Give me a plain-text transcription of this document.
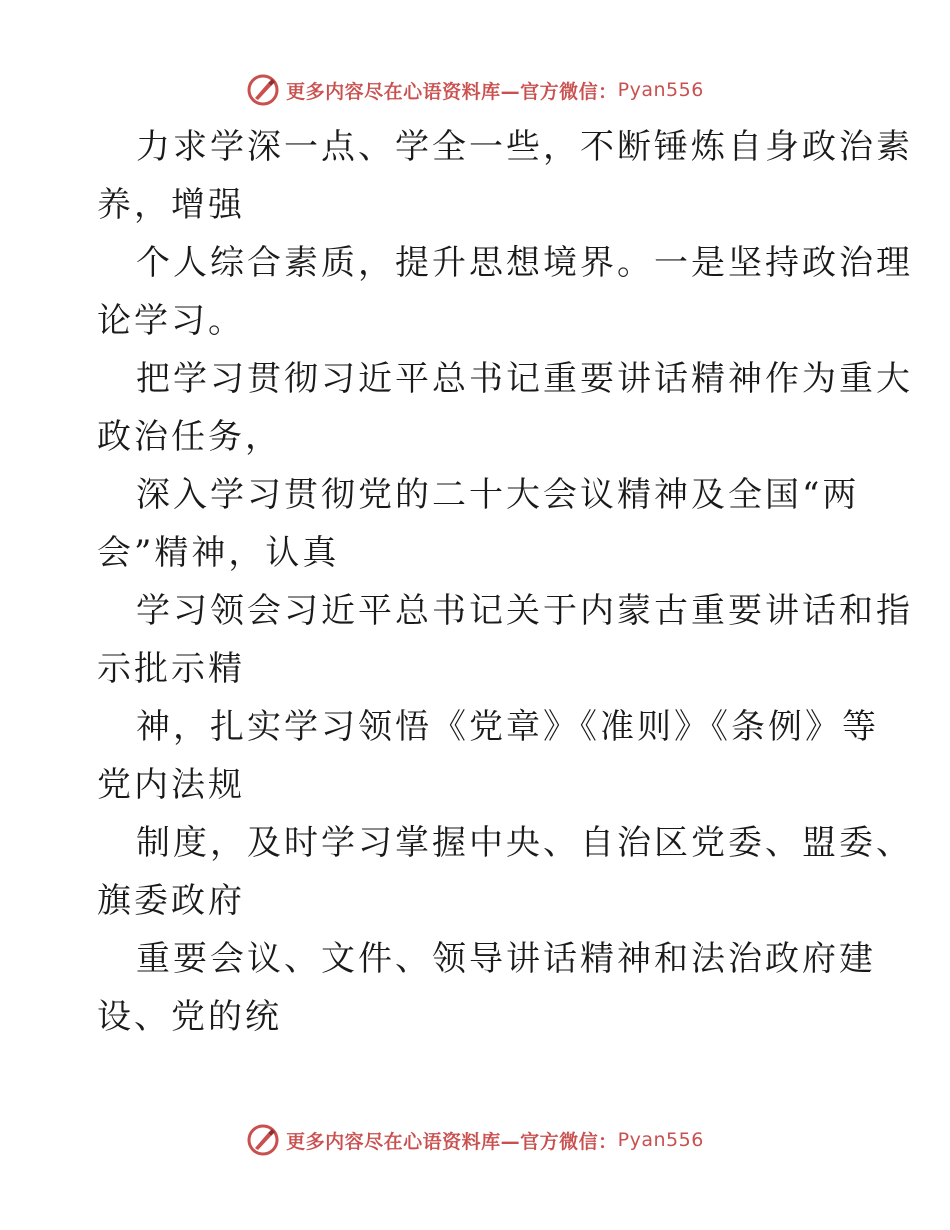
更多内容尽在心语资料库—官方微信： Pyan556
力求学深一点、学全一些，不断锤炼自身政治素
养，增强
个人综合素质，提升思想境界。一是坚持政治理
论学习。
把学习贯彻习近平总书记重要讲话精神作为重大
政治任务，
深入学习贯彻党的二十大会议精神及全国“两
会”精神，认真
学习领会习近平总书记关于内蒙古重要讲话和指
示批示精
神，扎实学习领悟《党章》《准则》《条例》等
党内法规
制度，及时学习掌握中央、自治区党委、盟委、
旗委政府
重要会议、文件、领导讲话精神和法治政府建
设、党的统
更多内容尽在心语资料库—官方微信： Pyan556
